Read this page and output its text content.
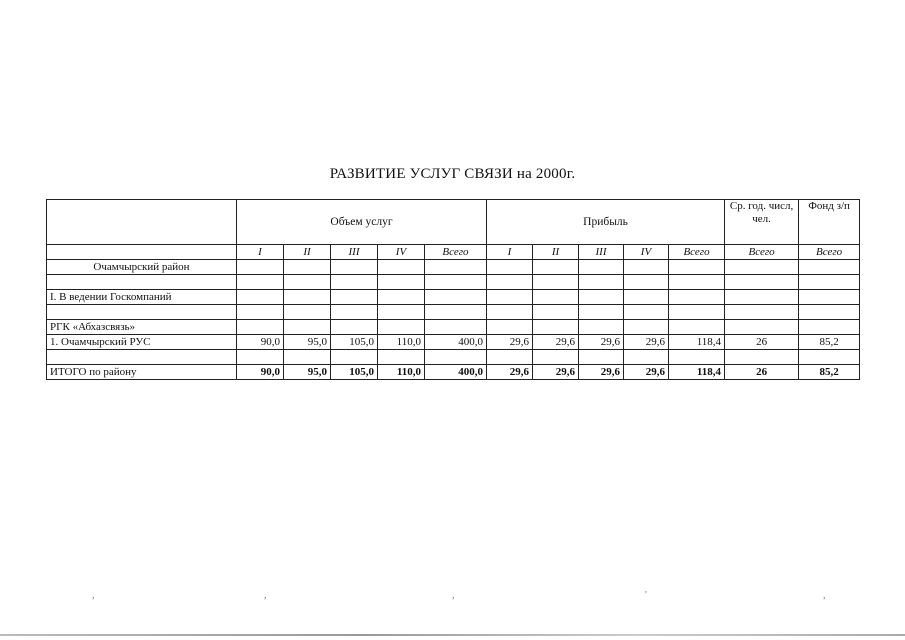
РАЗВИТИЕ УСЛУГ СВЯЗИ на 2000г.
	Объем услуг					Прибыль					Ср. год. числ, чел.	Фонд з/п
	I	II	III	IV	Всего	I	II	III	IV	Всего	Всего	Всего
Очамчырский район												

I. В ведении Госкомпаний												

РГК «Абхазсвязь»												
1. Очамчырский РУС	90,0	95,0	105,0	110,0	400,0	29,6	29,6	29,6	29,6	118,4	26	85,2

ИТОГО по району	90,0	95,0	105,0	110,0	400,0	29,6	29,6	29,6	29,6	118,4	26	85,2
,	,	,	'	,
